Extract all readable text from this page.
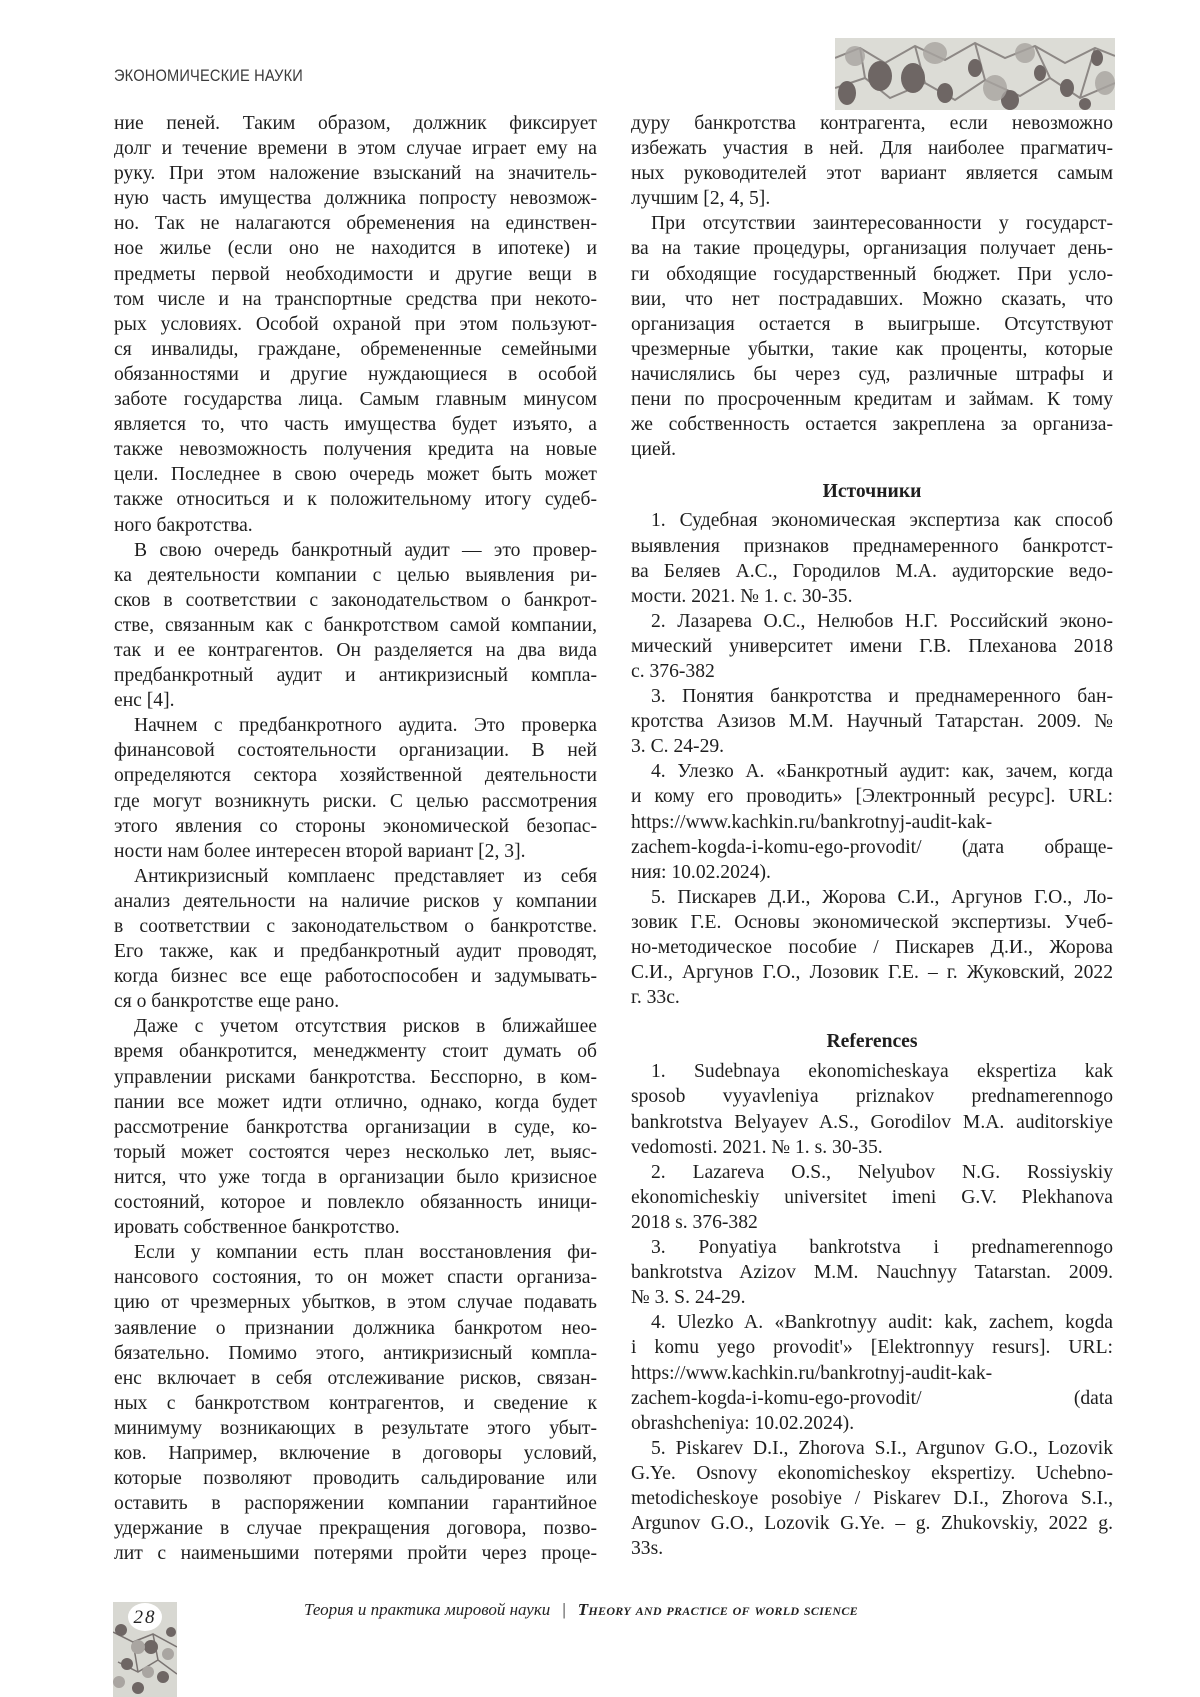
ЭКОНОМИЧЕСКИЕ НАУКИ
ние пеней. Таким образом, должник фиксирует
долг и течение времени в этом случае играет ему на
руку. При этом наложение взысканий на значитель-
ную часть имущества должника попросту невозмож-
но. Так не налагаются обременения на единствен-
ное жилье (если оно не находится в ипотеке) и
предметы первой необходимости и другие вещи в
том числе и на транспортные средства при некото-
рых условиях. Особой охраной при этом пользуют-
ся инвалиды, граждане, обремененные семейными
обязанностями и другие нуждающиеся в особой
заботе государства лица. Самым главным минусом
является то, что часть имущества будет изъято, а
также невозможность получения кредита на новые
цели. Последнее в свою очередь может быть может
также относиться и к положительному итогу судеб-
ного бакротства.
В свою очередь банкротный аудит — это провер-
ка деятельности компании с целью выявления ри-
сков в соответствии с законодательством о банкрот-
стве, связанным как с банкротством самой компании,
так и ее контрагентов. Он разделяется на два вида
предбанкротный аудит и антикризисный компла-
енс [4].
Начнем с предбанкротного аудита. Это проверка
финансовой состоятельности организации. В ней
определяются сектора хозяйственной деятельности
где могут возникнуть риски. С целью рассмотрения
этого явления со стороны экономической безопас-
ности нам более интересен второй вариант [2, 3].
Антикризисный комплаенс представляет из себя
анализ деятельности на наличие рисков у компании
в соответствии с законодательством о банкротстве.
Его также, как и предбанкротный аудит проводят,
когда бизнес все еще работоспособен и задумывать-
ся о банкротстве еще рано.
Даже с учетом отсутствия рисков в ближайшее
время обанкротится, менеджменту стоит думать об
управлении рисками банкротства. Бесспорно, в ком-
пании все может идти отлично, однако, когда будет
рассмотрение банкротства организации в суде, ко-
торый может состоятся через несколько лет, выяс-
нится, что уже тогда в организации было кризисное
состояний, которое и повлекло обязанность иници-
ировать собственное банкротство.
Если у компании есть план восстановления фи-
нансового состояния, то он может спасти организа-
цию от чрезмерных убытков, в этом случае подавать
заявление о признании должника банкротом нео-
бязательно. Помимо этого, антикризисный компла-
енс включает в себя отслеживание рисков, связан-
ных с банкротством контрагентов, и сведение к
минимуму возникающих в результате этого убыт-
ков. Например, включение в договоры условий,
которые позволяют проводить сальдирование или
оставить в распоряжении компании гарантийное
удержание в случае прекращения договора, позво-
лит с наименьшими потерями пройти через проце-
дуру банкротства контрагента, если невозможно
избежать участия в ней. Для наиболее прагматич-
ных руководителей этот вариант является самым
лучшим [2, 4, 5].
При отсутствии заинтересованности у государст-
ва на такие процедуры, организация получает день-
ги обходящие государственный бюджет. При усло-
вии, что нет пострадавших. Можно сказать, что
организация остается в выигрыше. Отсутствуют
чрезмерные убытки, такие как проценты, которые
начислялись бы через суд, различные штрафы и
пени по просроченным кредитам и займам. К тому
же собственность остается закреплена за организа-
цией.
Источники
1. Судебная экономическая экспертиза как способ
выявления признаков преднамеренного банкротст-
ва Беляев А.С., Городилов М.А. аудиторские ведо-
мости. 2021. № 1. с. 30-35.
2. Лазарева О.С., Нелюбов Н.Г. Российский эконо-
мический университет имени Г.В. Плеханова 2018
с. 376-382
3. Понятия банкротства и преднамеренного бан-
кротства Азизов М.М. Научный Татарстан. 2009. №
3. С. 24-29.
4. Улезко А. «Банкротный аудит: как, зачем, когда
и кому его проводить» [Электронный ресурс]. URL:
https://www.kachkin.ru/bankrotnyj-audit-kak-
zachem-kogda-i-komu-ego-provodit/ (дата обраще-
ния: 10.02.2024).
5. Пискарев Д.И., Жорова С.И., Аргунов Г.О., Ло-
зовик Г.Е. Основы экономической экспертизы. Учеб-
но-методическое пособие / Пискарев Д.И., Жорова
С.И., Аргунов Г.О., Лозовик Г.Е. – г. Жуковский, 2022
г. 33с.
References
1. Sudebnaya ekonomicheskaya ekspertiza kak
sposob vyyavleniya priznakov prednamerennogo
bankrotstva Belyayev A.S., Gorodilov M.A. auditorskiye
vedomosti. 2021. № 1. s. 30-35.
2. Lazareva O.S., Nelyubov N.G. Rossiyskiy
ekonomicheskiy universitet imeni G.V. Plekhanova
2018 s. 376-382
3. Ponyatiya bankrotstva i prednamerennogo
bankrotstva Azizov M.M. Nauchnyy Tatarstan. 2009.
№ 3. S. 24-29.
4. Ulezko A. «Bankrotnyy audit: kak, zachem, kogda
i komu yego provodit'» [Elektronnyy resurs]. URL:
https://www.kachkin.ru/bankrotnyj-audit-kak-
zachem-kogda-i-komu-ego-provodit/ (data
obrashcheniya: 10.02.2024).
5. Piskarev D.I., Zhorova S.I., Argunov G.O., Lozovik
G.Ye. Osnovy ekonomicheskoy ekspertizy. Uchebno-
metodicheskoye posobiye / Piskarev D.I., Zhorova S.I.,
Argunov G.O., Lozovik G.Ye. – g. Zhukovskiy, 2022 g.
33s.
28	Теория и практика мировой науки | Theory and practice of world science
